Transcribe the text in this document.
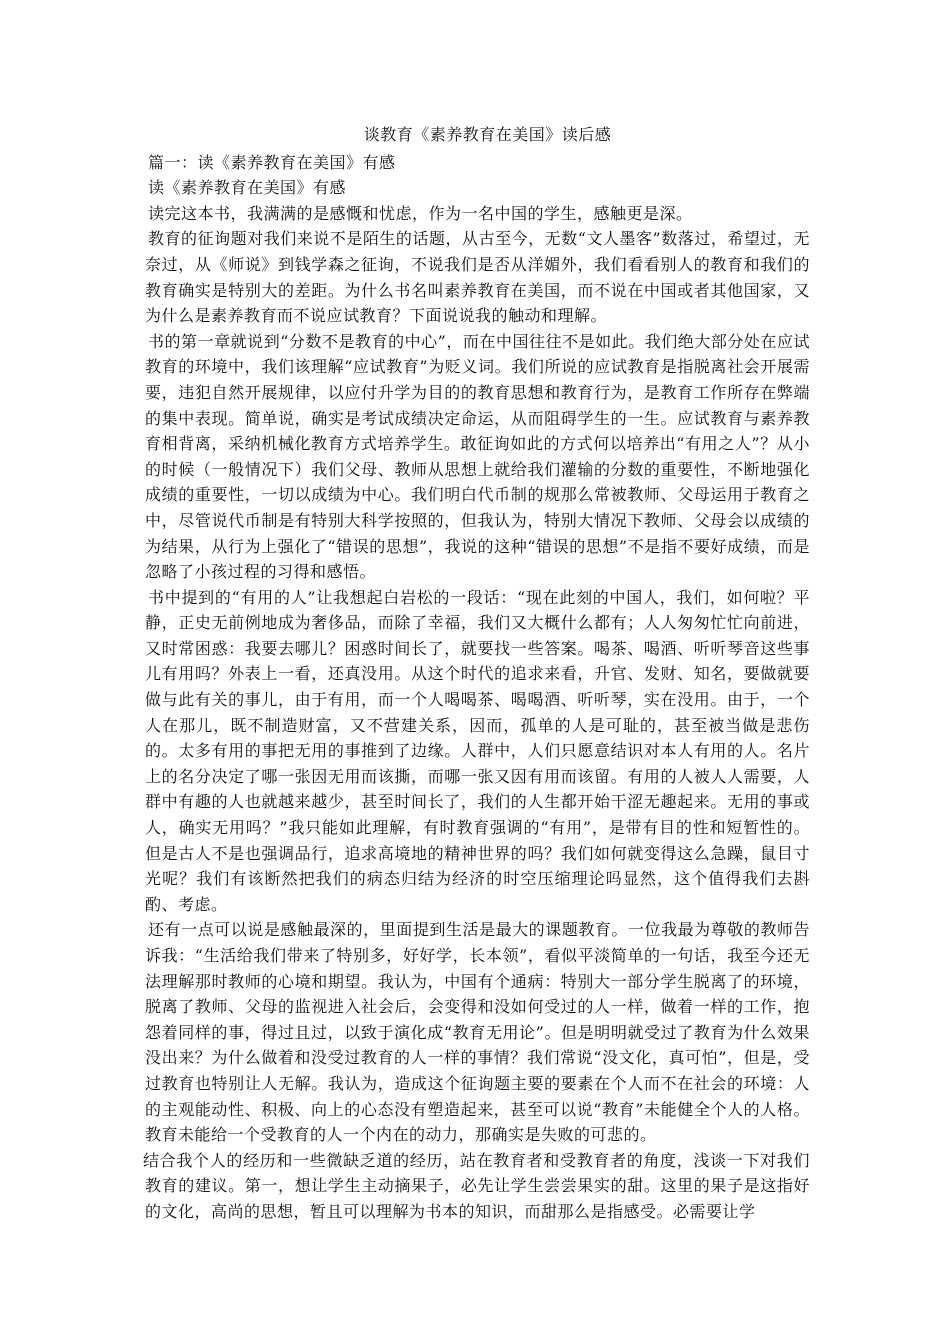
谈教育《素养教育在美国》读后感

篇一：读《素养教育在美国》有感

读《素养教育在美国》有感

读完这本书，我满满的是感慨和忧虑，作为一名中国的学生，感触更是深。

教育的征询题对我们来说不是陌生的话题，从古至今，无数“文人墨客”数落过，希望过，无奈过，从《师说》到钱学森之征询，不说我们是否从洋媚外，我们看看别人的教育和我们的教育确实是特别大的差距。为什么书名叫素养教育在美国，而不说在中国或者其他国家，又为什么是素养教育而不说应试教育？下面说说我的触动和理解。

书的第一章就说到“分数不是教育的中心”，而在中国往往不是如此。我们绝大部分处在应试教育的环境中，我们该理解“应试教育”为贬义词。我们所说的应试教育是指脱离社会开展需要，违犯自然开展规律，以应付升学为目的的教育思想和教育行为，是教育工作所存在弊端的集中表现。简单说，确实是考试成绩决定命运，从而阻碍学生的一生。应试教育与素养教育相背离，采纳机械化教育方式培养学生。敢征询如此的方式何以培养出“有用之人”？从小的时候（一般情况下）我们父母、教师从思想上就给我们灌输的分数的重要性，不断地强化成绩的重要性，一切以成绩为中心。我们明白代币制的规那么常被教师、父母运用于教育之中，尽管说代币制是有特别大科学按照的，但我认为，特别大情况下教师、父母会以成绩的为结果，从行为上强化了“错误的思想”，我说的这种“错误的思想”不是指不要好成绩，而是忽略了小孩过程的习得和感悟。

书中提到的“有用的人”让我想起白岩松的一段话：“现在此刻的中国人，我们，如何啦？平静，正史无前例地成为奢侈品，而除了幸福，我们又大概什么都有；人人匆匆忙忙向前进，又时常困惑：我要去哪儿？困惑时间长了，就要找一些答案。喝茶、喝酒、听听琴音这些事儿有用吗？外表上一看，还真没用。从这个时代的追求来看，升官、发财、知名，要做就要做与此有关的事儿，由于有用，而一个人喝喝茶、喝喝酒、听听琴，实在没用。由于，一个人在那儿，既不制造财富，又不营建关系，因而，孤单的人是可耻的，甚至被当做是悲伤的。太多有用的事把无用的事推到了边缘。人群中，人们只愿意结识对本人有用的人。名片上的名分决定了哪一张因无用而该撕，而哪一张又因有用而该留。有用的人被人人需要，人群中有趣的人也就越来越少，甚至时间长了，我们的人生都开始干涩无趣起来。无用的事或人，确实无用吗？”我只能如此理解，有时教育强调的“有用”，是带有目的性和短暂性的。但是古人不是也强调品行，追求高境地的精神世界的吗？我们如何就变得这么急躁，鼠目寸光呢？我们有该断然把我们的病态归结为经济的时空压缩理论吗显然，这个值得我们去斟酌、考虑。

还有一点可以说是感触最深的，里面提到生活是最大的课题教育。一位我最为尊敬的教师告诉我：“生活给我们带来了特别多，好好学，长本领”，看似平淡简单的一句话，我至今还无法理解那时教师的心境和期望。我认为，中国有个通病：特别大一部分学生脱离了的环境，脱离了教师、父母的监视进入社会后，会变得和没如何受过的人一样，做着一样的工作，抱怨着同样的事，得过且过，以致于演化成“教育无用论”。但是明明就受过了教育为什么效果没出来？为什么做着和没受过教育的人一样的事情？我们常说“没文化，真可怕”，但是，受过教育也特别让人无解。我认为，造成这个征询题主要的要素在个人而不在社会的环境：人的主观能动性、积极、向上的心态没有塑造起来，甚至可以说“教育”未能健全个人的人格。教育未能给一个受教育的人一个内在的动力，那确实是失败的可悲的。

结合我个人的经历和一些微缺乏道的经历，站在教育者和受教育者的角度，浅谈一下对我们教育的建议。第一，想让学生主动摘果子，必先让学生尝尝果实的甜。这里的果子是这指好的文化，高尚的思想，暂且可以理解为书本的知识，而甜那么是指感受。必需要让学
